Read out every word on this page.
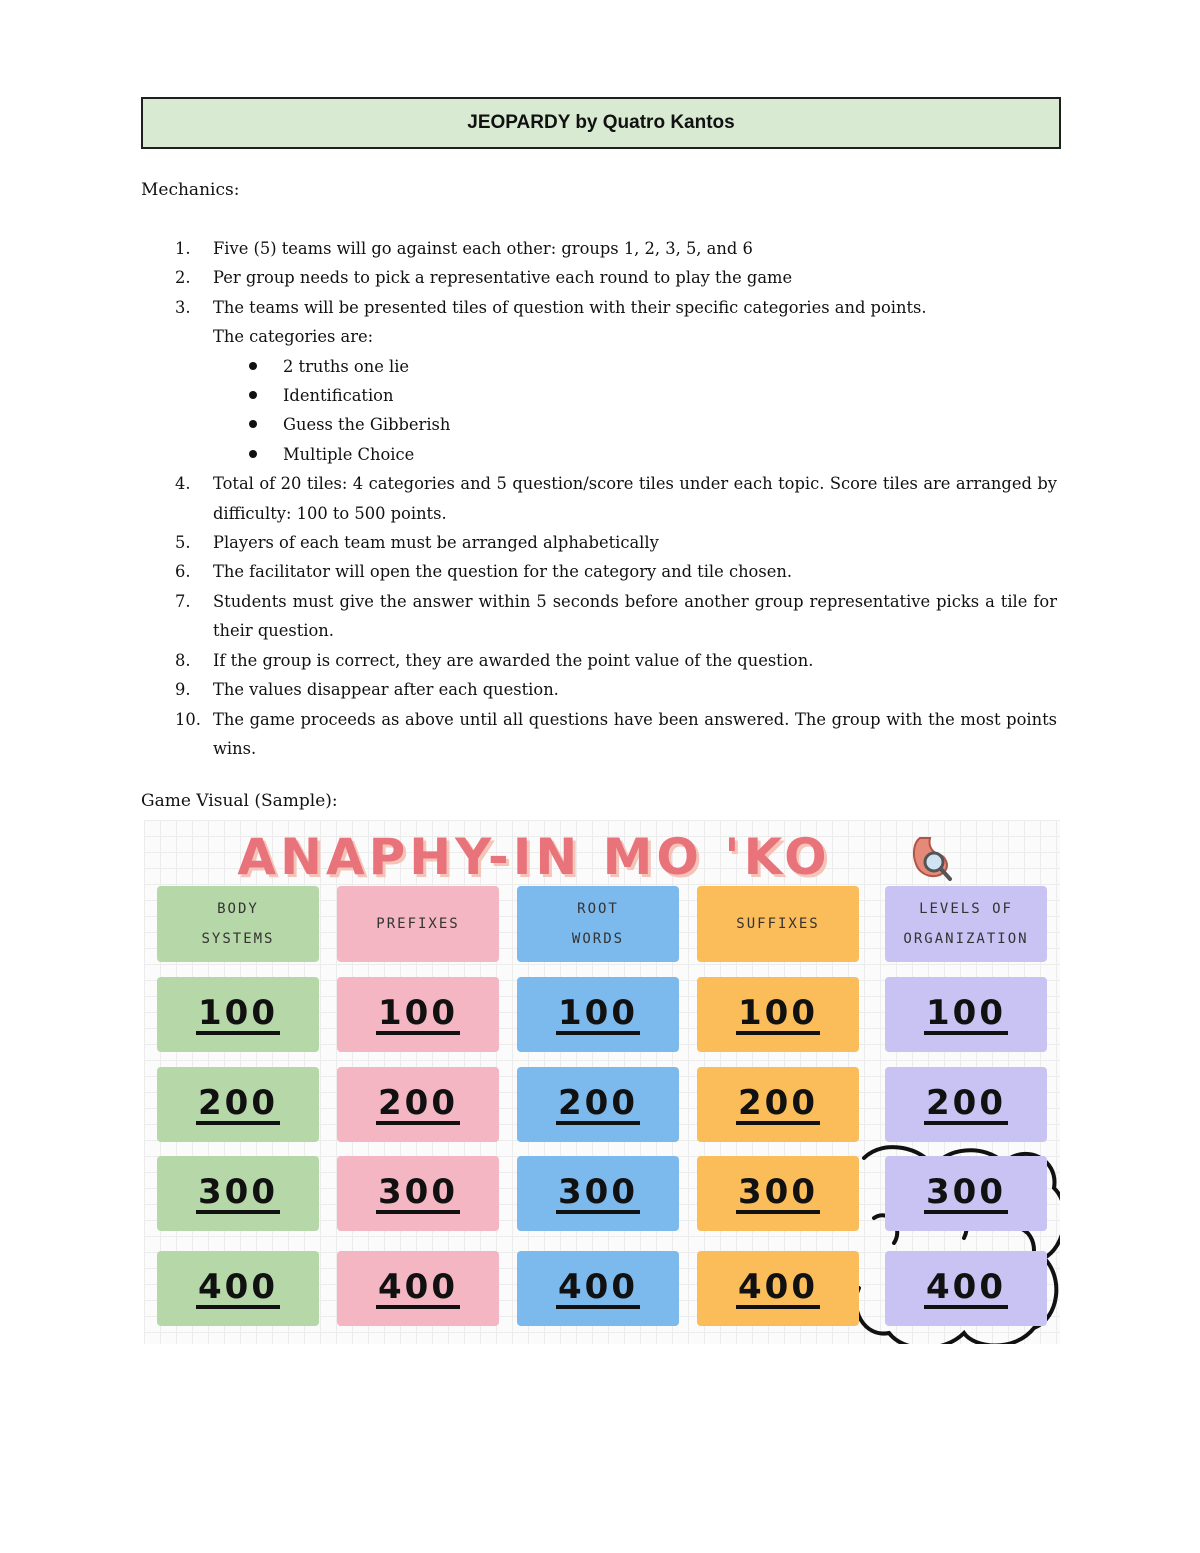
JEOPARDY by Quatro Kantos
Mechanics:
1. Five (5) teams will go against each other: groups 1, 2, 3, 5, and 6
2. Per group needs to pick a representative each round to play the game
3. The teams will be presented tiles of question with their specific categories and points.
The categories are:
2 truths one lie
Identification
Guess the Gibberish
Multiple Choice
4. Total of 20 tiles: 4 categories and 5 question/score tiles under each topic. Score tiles are arranged by difficulty: 100 to 500 points.
5. Players of each team must be arranged alphabetically
6. The facilitator will open the question for the category and tile chosen.
7. Students must give the answer within 5 seconds before another group representative picks a tile for their question.
8. If the group is correct, they are awarded the point value of the question.
9. The values disappear after each question.
10. The game proceeds as above until all questions have been answered. The group with the most points wins.
Game Visual (Sample):
ANAPHY-IN MO 'KO
BODY
SYSTEMS
100
200
300
400
PREFIXES
100
200
300
400
ROOT
WORDS
100
200
300
400
SUFFIXES
100
200
300
400
LEVELS OF
ORGANIZATION
100
200
300
400
